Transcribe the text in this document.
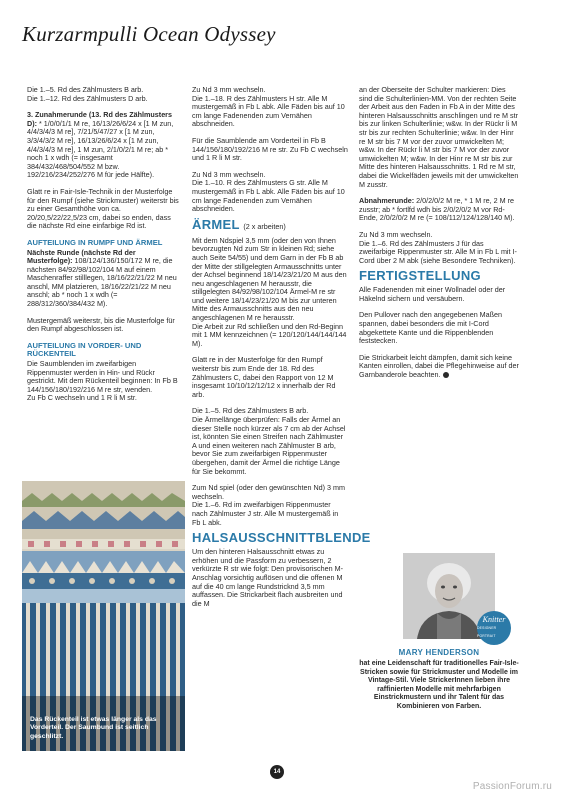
Kurzarmpulli Ocean Odyssey

Die 1.–5. Rd des Zählmusters B arb.

Die 1.–12. Rd des Zählmusters D arb.

3. Zunahmerunde (13. Rd des Zählmusters D): * 1/0/0/1/1 M re, 16/13/26/6/24 x [1 M zun, 4/4/3/4/3 M re], 7/21/5/47/27 x [1 M zun, 3/3/4/3/2 M re], 16/13/26/6/24 x [1 M zun, 4/4/3/4/3 M re], 1 M zun, 2/1/0/2/1 M re; ab * noch 1 x wdh (= insgesamt 384/432/468/504/552 M bzw. 192/216/234/252/276 M für jede Hälfte).

Glatt re in Fair-Isle-Technik in der Musterfolge für den Rumpf (siehe Strickmuster) weiterstr bis zu einer Gesamthöhe von ca. 20/20,5/22/22,5/23 cm, dabei so enden, dass die nächste Rd eine einfarbige Rd ist.

AUFTEILUNG IN RUMPF UND ÄRMEL

Nächste Runde (nächste Rd der Musterfolge): 108/124/136/150/172 M re, die nächsten 84/92/98/102/104 M auf einem Maschenraffer stilllegen, 18/16/22/21/22 M neu anschl, MM platzieren, 18/16/22/21/22 M neu anschl; ab * noch 1 x wdh (= 288/312/360/384/432 M).

Mustergemäß weiterstr, bis die Musterfolge für den Rumpf abgeschlossen ist.

AUFTEILUNG IN VORDER- UND RÜCKENTEIL

Die Saumblenden im zweifarbigen Rippenmuster werden in Hin- und Rückr gestrickt. Mit dem Rückenteil beginnen: In Fb B 144/156/180/192/216 M re str, wenden.

Zu Fb C wechseln und 1 R li M str.

Das Rückenteil ist etwas länger als das Vorderteil. Der Saumbund ist seitlich geschlitzt.

Zu Nd 3 mm wechseln.

Die 1.–18. R des Zählmusters H str. Alle M mustergemäß in Fb L abk. Alle Fäden bis auf 10 cm lange Fadenenden zum Vernähen abschneiden.

Für die Saumblende am Vorderteil in Fb B 144/156/180/192/216 M re str. Zu Fb C wechseln und 1 R li M str.

Zu Nd 3 mm wechseln.

Die 1.–10. R des Zählmusters G str. Alle M mustergemäß in Fb L abk. Alle Fäden bis auf 10 cm lange Fadenenden zum Vernähen abschneiden.

ÄRMEL (2 x arbeiten)

Mit dem Ndspiel 3,5 mm (oder den von Ihnen bevorzugten Nd zum Str in kleinen Rd; siehe auch Seite 54/55) und dem Garn in der Fb B ab der Mitte der stillgelegten Armausschnitts unter der Achsel beginnend 18/14/23/21/20 M aus den neu angeschlagenen M herausstr, die stillgelegten 84/92/98/102/104 Ärmel-M re str und weitere 18/14/23/21/20 M bis zur unteren Mitte des Armausschnitts aus den neu angeschlagenen M re herausstr.

Die Arbeit zur Rd schließen und den Rd-Beginn mit 1 MM kennzeichnen (= 120/120/144/144/144 M).

Glatt re in der Musterfolge für den Rumpf weiterstr bis zum Ende der 18. Rd des Zählmusters C, dabei den Rapport von 12 M insgesamt 10/10/12/12/12 x innerhalb der Rd arb.

Die 1.–5. Rd des Zählmusters B arb.

Die Ärmellänge überprüfen: Falls der Ärmel an dieser Stelle noch kürzer als 7 cm ab der Achsel ist, könnten Sie einen Streifen nach Zählmuster A und einen weiteren nach Zählmuster B arb, bevor Sie zum zweifarbigen Rippenmuster übergehen, damit der Ärmel die richtige Länge für Sie bekommt.

Zum Nd spiel (oder den gewünschten Nd) 3 mm wechseln.

Die 1.–6. Rd im zweifarbigen Rippenmuster nach Zählmuster J str. Alle M mustergemäß in Fb L abk.

HALSAUSSCHNITTBLENDE

Um den hinteren Halsausschnitt etwas zu erhöhen und die Passform zu verbessern, 2 verkürzte R str wie folgt: Den provisorischen M-Anschlag vorsichtig auflösen und die offenen M auf die 40 cm lange Rundstricknd 3,5 mm auffassen. Die Strickarbeit flach ausbreiten und die M

an der Oberseite der Schulter markieren: Dies sind die Schulterlinien-MM. Von der rechten Seite der Arbeit aus den Faden in Fb A in der Mitte des hinteren Halsausschnitts anschlingen und re M str bis zur linken Schulterlinie; w&w. In der Rückr li M str bis zur rechten Schulterlinie; w&w. In der Hinr re M str bis 7 M vor der zuvor umwickelten M; w&w. In der Rückr li M str bis 7 M vor der zuvor umwickelten M; w&w. In der Hinr re M str bis zur Mitte des hinteren Halsausschnitts. 1 Rd re M str, dabei die Wickelfäden jeweils mit der umwickelten M zusstr.

Abnahmerunde: 2/0/2/0/2 M re, * 1 M re, 2 M re zusstr; ab * fortlfd wdh bis 2/0/2/0/2 M vor Rd-Ende, 2/0/2/0/2 M re (= 108/112/124/128/140 M).

Zu Nd 3 mm wechseln.

Die 1.–6. Rd des Zählmusters J für das zweifarbige Rippenmuster str. Alle M in Fb L mit I-Cord über 2 M abk (siehe Besondere Techniken).

FERTIGSTELLUNG

Alle Fadenenden mit einer Wollnadel oder der Häkelnd sichern und versäubern.

Den Pullover nach den angegebenen Maßen spannen, dabei besonders die mit I-Cord abgekettete Kante und die Rippenblenden feststecken.

Die Strickarbeit leicht dämpfen, damit sich keine Kanten einrollen, dabei die Pflegehinweise auf der Garnbanderole beachten.

Knitter
DESIGNER PORTRAIT
MARY HENDERSON
hat eine Leidenschaft für traditionelles Fair-Isle-Stricken sowie für Strickmuster und Modelle im Vintage-Stil. Viele StrickerInnen lieben ihre raffinierten Modelle mit mehrfarbigen Einstrickmustern und ihr Talent für das Kombinieren von Farben.
14
PassionForum.ru
